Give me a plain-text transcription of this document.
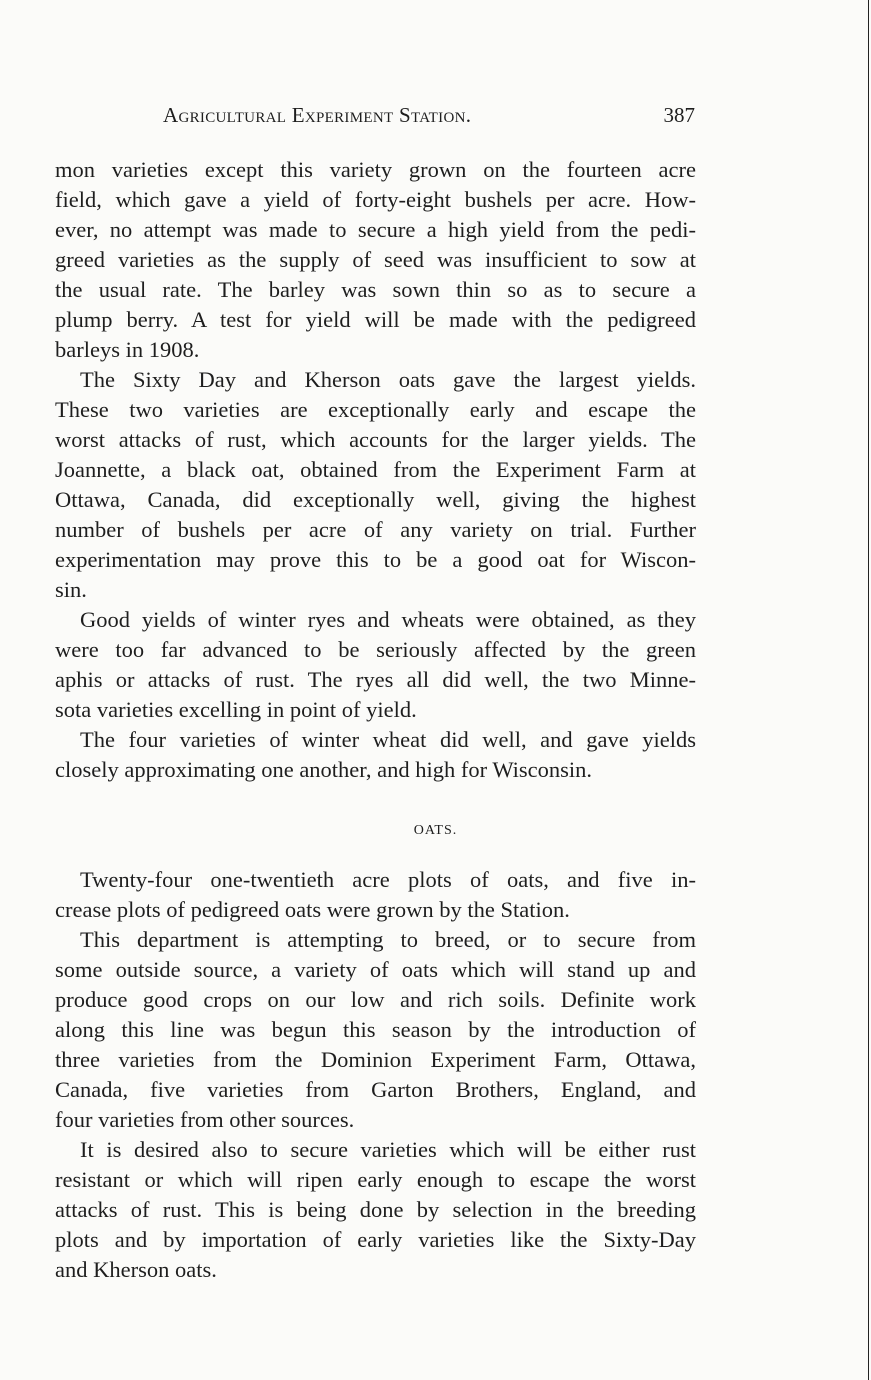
Agricultural Experiment Station.	387
mon varieties except this variety grown on the fourteen acre
field, which gave a yield of forty-eight bushels per acre. How-
ever, no attempt was made to secure a high yield from the pedi-
greed varieties as the supply of seed was insufficient to sow at
the usual rate. The barley was sown thin so as to secure a
plump berry. A test for yield will be made with the pedigreed
barleys in 1908.
The Sixty Day and Kherson oats gave the largest yields.
These two varieties are exceptionally early and escape the
worst attacks of rust, which accounts for the larger yields. The
Joannette, a black oat, obtained from the Experiment Farm at
Ottawa, Canada, did exceptionally well, giving the highest
number of bushels per acre of any variety on trial. Further
experimentation may prove this to be a good oat for Wiscon-
sin.
Good yields of winter ryes and wheats were obtained, as they
were too far advanced to be seriously affected by the green
aphis or attacks of rust. The ryes all did well, the two Minne-
sota varieties excelling in point of yield.
The four varieties of winter wheat did well, and gave yields
closely approximating one another, and high for Wisconsin.
OATS.
Twenty-four one-twentieth acre plots of oats, and five in-
crease plots of pedigreed oats were grown by the Station.
This department is attempting to breed, or to secure from
some outside source, a variety of oats which will stand up and
produce good crops on our low and rich soils. Definite work
along this line was begun this season by the introduction of
three varieties from the Dominion Experiment Farm, Ottawa,
Canada, five varieties from Garton Brothers, England, and
four varieties from other sources.
It is desired also to secure varieties which will be either rust
resistant or which will ripen early enough to escape the worst
attacks of rust. This is being done by selection in the breeding
plots and by importation of early varieties like the Sixty-Day
and Kherson oats.
